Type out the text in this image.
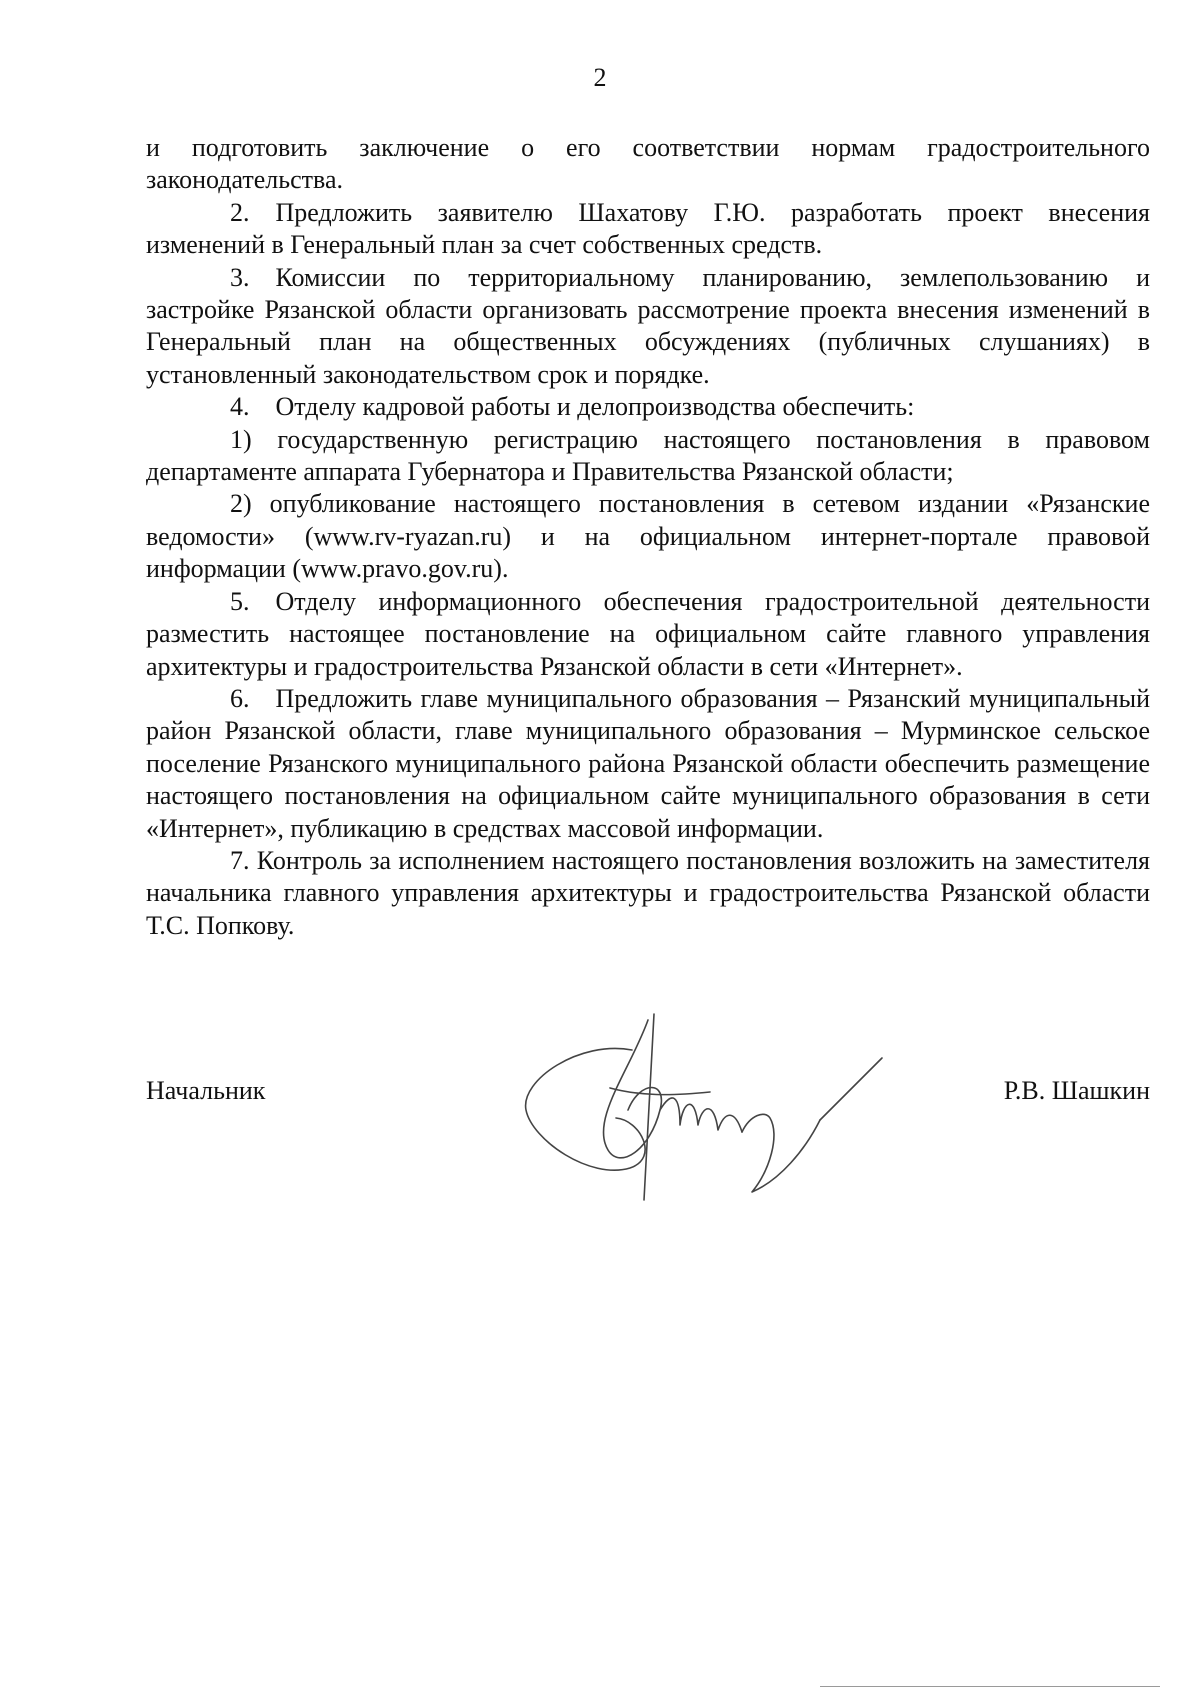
2

и подготовить заключение о его соответствии нормам градостроительного законодательства.

2. Предложить заявителю Шахатову Г.Ю. разработать проект внесения изменений в Генеральный план за счет собственных средств.

3. Комиссии по территориальному планированию, землепользованию и застройке Рязанской области организовать рассмотрение проекта внесения изменений в Генеральный план на общественных обсуждениях (публичных слушаниях) в установленный законодательством срок и порядке.

4. Отделу кадровой работы и делопроизводства обеспечить:

1) государственную регистрацию настоящего постановления в правовом департаменте аппарата Губернатора и Правительства Рязанской области;

2) опубликование настоящего постановления в сетевом издании «Рязанские ведомости» (www.rv-ryazan.ru) и на официальном интернет-портале правовой информации (www.pravo.gov.ru).

5. Отделу информационного обеспечения градостроительной деятельности разместить настоящее постановление на официальном сайте главного управления архитектуры и градостроительства Рязанской области в сети «Интернет».

6. Предложить главе муниципального образования – Рязанский муниципальный район Рязанской области, главе муниципального образования – Мурминское сельское поселение Рязанского муниципального района Рязанской области обеспечить размещение настоящего постановления на официальном сайте муниципального образования в сети «Интернет», публикацию в средствах массовой информации.

7. Контроль за исполнением настоящего постановления возложить на заместителя начальника главного управления архитектуры и градостроительства Рязанской области Т.С. Попкову.

Начальник	Р.В. Шашкин
